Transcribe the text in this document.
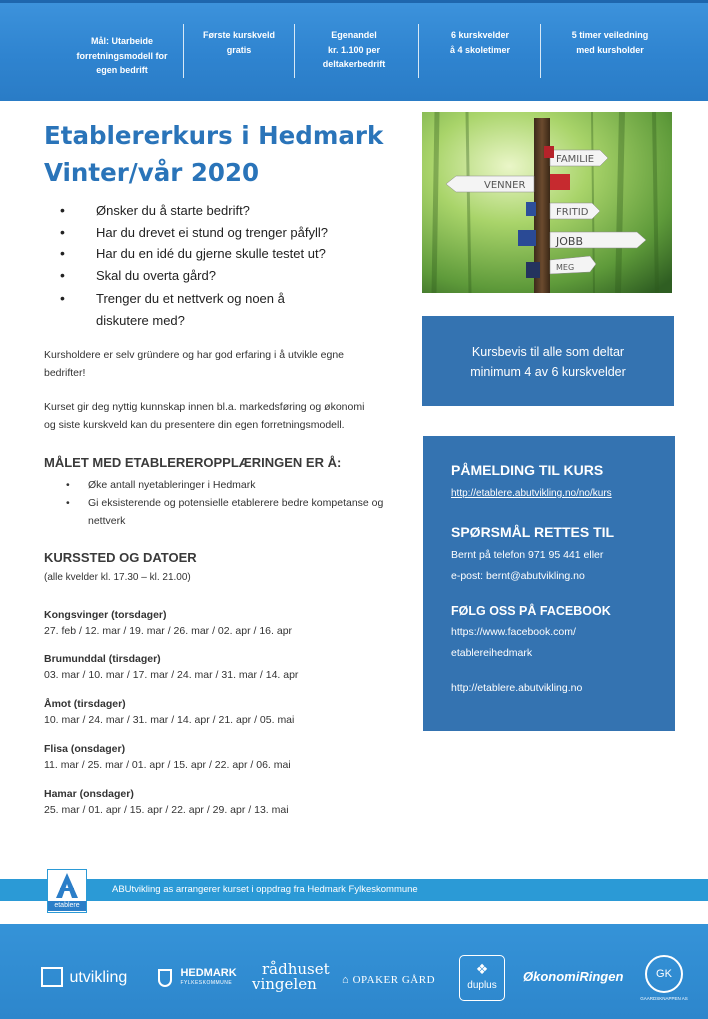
Mål: Utarbeide
forretningsmodell for
egen bedrift
Første kurskveld
gratis
Egenandel
kr. 1.100 per
deltakerbedrift
6 kurskvelder
å 4 skoletimer
5 timer veiledning
med kursholder
Etablererkurs i Hedmark
Vinter/vår 2020
• Ønsker du å starte bedrift?
• Har du drevet ei stund og trenger påfyll?
• Har du en idé du gjerne skulle testet ut?
• Skal du overta gård?
• Trenger du et nettverk og noen å
diskutere med?

Kursholdere er selv gründere og har god erfaring i å utvikle egne
bedrifter!

Kurset gir deg nyttig kunnskap innen bl.a. markedsføring og økonomi
og siste kurskveld kan du presentere din egen forretningsmodell.

MÅLET MED ETABLEREROPPLÆRINGEN ER Å:
• Øke antall nyetableringer i Hedmark
• Gi eksisterende og potensielle etablerere bedre kompetanse og nettverk
KURSSTED OG DATOER
(alle kvelder kl. 17.30 – kl. 21.00)
Kongsvinger (torsdager)
27. feb / 12. mar / 19. mar / 26. mar / 02. apr / 16. apr
Brumunddal (tirsdager)
03. mar / 10. mar / 17. mar / 24. mar / 31. mar / 14. apr
Åmot (tirsdager)
10. mar / 24. mar / 31. mar / 14. apr / 21. apr / 05. mai
Flisa (onsdager)
11. mar / 25. mar / 01. apr / 15. apr / 22. apr / 06. mai
Hamar (onsdager)
25. mar / 01. apr / 15. apr / 22. apr / 29. apr / 13. mai
FAMILIE
VENNER
FRITID
JOBB
MEG
Kursbevis til alle som deltar
minimum 4 av 6 kurskvelder
PÅMELDING TIL KURS
http://etablere.abutvikling.no/no/kurs
SPØRSMÅL RETTES TIL
Bernt på telefon 971 95 441 eller
e-post: bernt@abutvikling.no
FØLG OSS PÅ FACEBOOK
https://www.facebook.com/
etablereihedmark
http://etablere.abutvikling.no
ABUtvikling as arrangerer kurset i oppdrag fra Hedmark Fylkeskommune
etablere
utvikling
	HEDMARK
FYLKESKOMMUNE
rådhuset
vingelen	⌂ OPAKER GÅRD
❖
duplus
ØkonomiRingen	GK
GAARDSKNAPPEN AS
